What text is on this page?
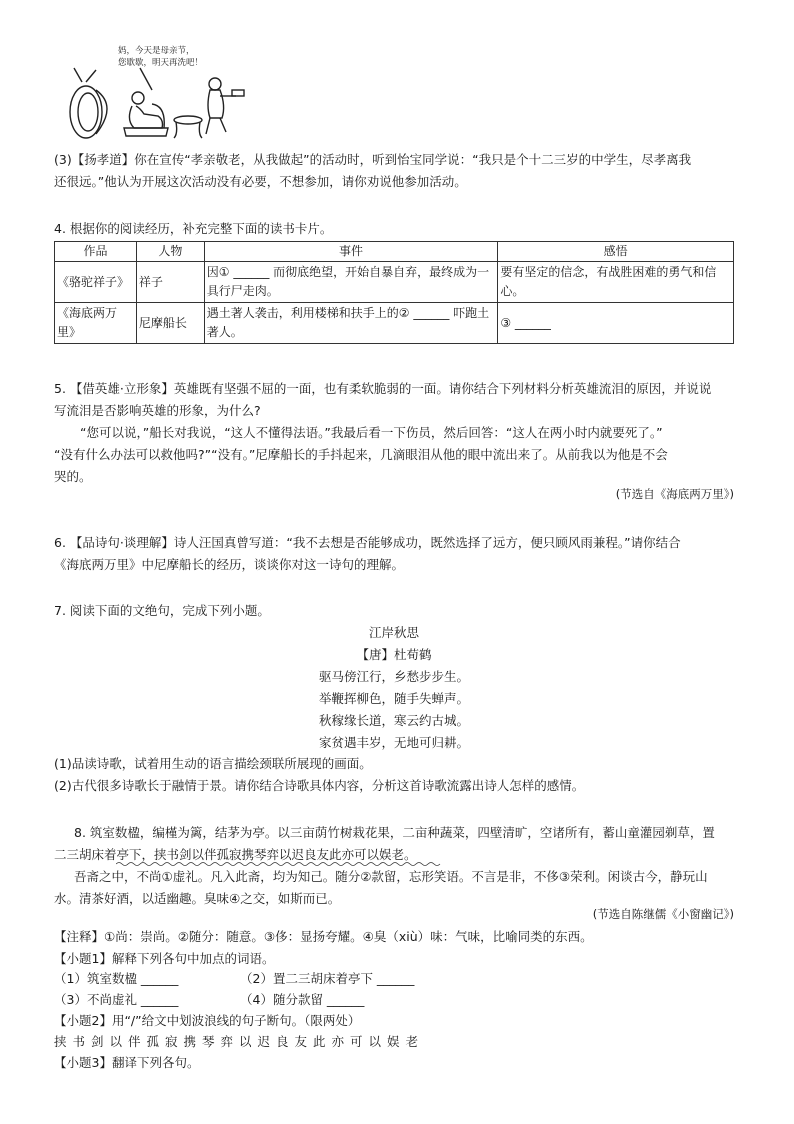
妈，今天是母亲节，
您歇歇，明天再洗吧！
(3)【扬孝道】你在宣传“孝亲敬老，从我做起”的活动时，听到怡宝同学说：“我只是个十二三岁的中学生，尽孝离我
还很远。”他认为开展这次活动没有必要，不想参加，请你劝说他参加活动。
4. 根据你的阅读经历，补充完整下面的读书卡片。
作品	人物	事件	感悟
《骆驼祥子》	祥子	因① ______ 而彻底绝望，开始自暴自弃，最终成为一具行尸走肉。	要有坚定的信念，有战胜困难的勇气和信心。
《海底两万里》	尼摩船长	遇土著人袭击，利用楼梯和扶手上的② ______ 吓跑土著人。	③ ______
5. 【借英雄·立形象】英雄既有坚强不屈的一面，也有柔软脆弱的一面。请你结合下列材料分析英雄流泪的原因，并说说
写流泪是否影响英雄的形象，为什么?
“您可以说，”船长对我说，“这人不懂得法语。”我最后看一下伤员，然后回答：“这人在两小时内就要死了。”
“没有什么办法可以救他吗?”“没有。”尼摩船长的手抖起来，几滴眼泪从他的眼中流出来了。从前我以为他是不会
哭的。
(节选自《海底两万里》)
6. 【品诗句·谈理解】诗人汪国真曾写道：“我不去想是否能够成功，既然选择了远方，便只顾风雨兼程。”请你结合
《海底两万里》中尼摩船长的经历，谈谈你对这一诗句的理解。
7. 阅读下面的文绝句，完成下列小题。
江岸秋思
【唐】杜荀鹤
驱马傍江行，乡愁步步生。
举鞭挥柳色，随手失蝉声。
秋稼缘长道，寒云约古城。
家贫遇丰岁，无地可归耕。
(1)品读诗歌，试着用生动的语言描绘颈联所展现的画面。
(2)古代很多诗歌长于融情于景。请你结合诗歌具体内容，分析这首诗歌流露出诗人怎样的感情。
8. 筑室数楹，编槿为篱，结茅为亭。以三亩荫竹树栽花果，二亩种蔬菜，四壁清旷，空诸所有，蓄山童灌园剃草，置
二三胡床着亭下，挟书剑以伴孤寂携琴弈以迟良友此亦可以娱老。
吾斋之中，不尚①虚礼。凡入此斋，均为知己。随分②款留，忘形笑语。不言是非，不侈③荣利。闲谈古今，静玩山
水。清茶好酒，以适幽趣。臭味④之交，如斯而已。
(节选自陈继儒《小窗幽记》)
【注释】①尚：崇尚。②随分：随意。③侈：显扬夸耀。④臭（xiù）味：气味，比喻同类的东西。
【小题1】解释下列各句中加点的词语。
（1）筑室数楹 ______	（2）置二三胡床着亭下 ______
（3）不尚虚礼 ______	（4）随分款留 ______
【小题2】用“/”给文中划波浪线的句子断句。（限两处）
挟书剑以伴孤寂携琴弈以迟良友此亦可以娱老
【小题3】翻译下列各句。
